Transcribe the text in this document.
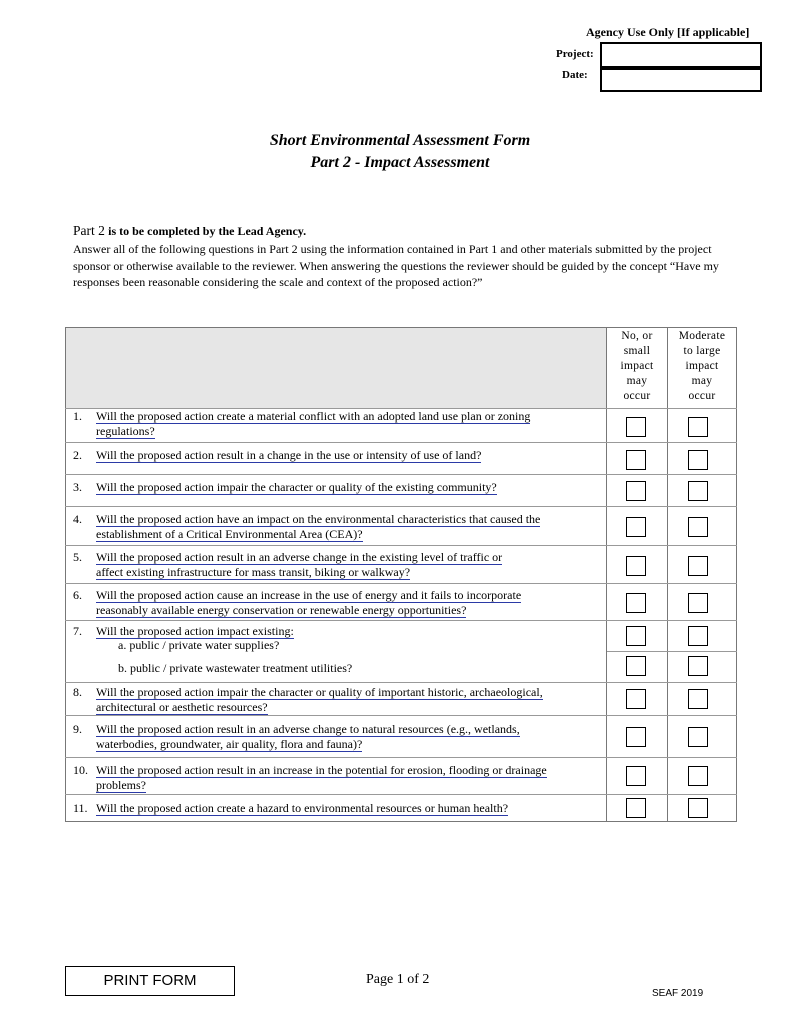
Agency Use Only [If applicable]
Project:
Date:
Short Environmental Assessment Form
Part 2 - Impact Assessment
Part 2 is to be completed by the Lead Agency.
Answer all of the following questions in Part 2 using the information contained in Part 1 and other materials submitted by the project sponsor or otherwise available to the reviewer. When answering the questions the reviewer should be guided by the concept “Have my responses been reasonable considering the scale and context of the proposed action?”
No, or
small
impact
may
occur
Moderate
to large
impact
may
occur
1. Will the proposed action create a material conflict with an adopted land use plan or zoning
regulations?
2. Will the proposed action result in a change in the use or intensity of use of land?
3. Will the proposed action impair the character or quality of the existing community?
4. Will the proposed action have an impact on the environmental characteristics that caused the
establishment of a Critical Environmental Area (CEA)?
5. Will the proposed action result in an adverse change in the existing level of traffic or
affect existing infrastructure for mass transit, biking or walkway?
6. Will the proposed action cause an increase in the use of energy and it fails to incorporate
reasonably available energy conservation or renewable energy opportunities?
7. Will the proposed action impact existing:
a. public / private water supplies?
b. public / private wastewater treatment utilities?
8. Will the proposed action impair the character or quality of important historic, archaeological,
architectural or aesthetic resources?
9. Will the proposed action result in an adverse change to natural resources (e.g., wetlands,
waterbodies, groundwater, air quality, flora and fauna)?
10. Will the proposed action result in an increase in the potential for erosion, flooding or drainage
problems?
11. Will the proposed action create a hazard to environmental resources or human health?
PRINT FORM	Page 1 of 2
SEAF 2019
